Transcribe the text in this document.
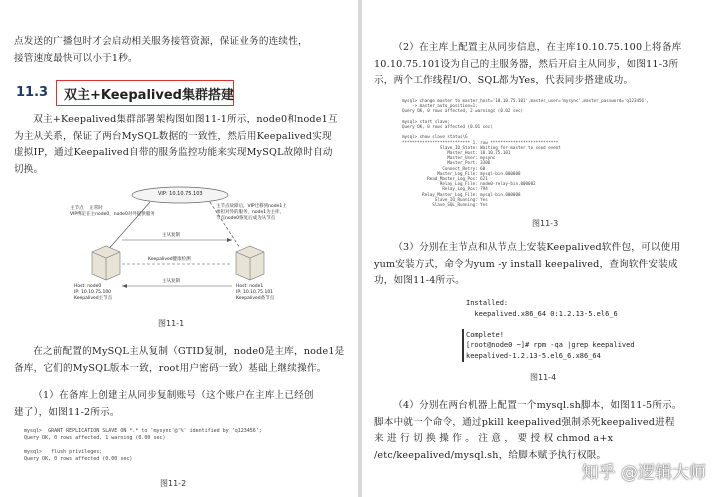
点发送的广播包时才会启动相关服务接管资源，保证业务的连续性，

接管速度最快可以小于1秒。

11.3 双主+Keepalived集群搭建

双主+Keepalived集群部署架构图如图11-1所示，node0和node1互

为主从关系，保证了两台MySQL数据的一致性，然后用Keepalived实现

虚拟IP，通过Keepalived自带的服务监控功能来实现MySQL故障时自动

切换。

VIP: 10.10.75.103
主节点    正常时
VIP绑定在主node0，node0对外提供服务
主节点故障后，VIP迁移到node1上
承担对外的服务，node1为主库，
节点node0恢复后成为从节点
主从复制
Keepalived健康检测
主从复制
Host: node0
IP: 10.10.75.100
Keepalived主节点
Host: node1
IP: 10.10.75.101
Keepalived备节点
图11-1

在之前配置的MySQL主从复制（GTID复制，node0是主库，node1是

备库，它们的MySQL版本一致，root用户密码一致）基础上继续操作。

（1）在备库上创建主从同步复制账号（这个账户在主库上已经创

建了），如图11-2所示。

mysql>  GRANT REPLICATION SLAVE ON *.* to 'mysync'@'%' identified by 'q123456';
Query OK, 0 rows affected, 1 warning (0.00 sec)

mysql>   flush privileges;
Query OK, 0 rows affected (0.00 sec)
图11-2

（2）在主库上配置主从同步信息，在主库10.10.75.100上将备库

10.10.75.101设为自己的主服务器，然后开启主从同步，如图11-3所

示，两个工作线程I/O、SQL都为Yes，代表同步搭建成功。

mysql> change master to master_host='10.10.75.101',master_user='mysync',master_password='q123456',
-> master_auto_position=1;
Query OK, 0 rows affected, 2 warnings (0.02 sec)

mysql> start slave;
Query OK, 0 rows affected (0.01 sec)

mysql> show slave status\G
*************************** 1. row ***************************
Slave_IO_State: Waiting for master to send event
Master_Host: 10.10.75.101
Master_User: mysync
Master_Port: 3306
Connect_Retry: 60
Master_Log_File: mysql-bin.000008
Read_Master_Log_Pos: 621
Relay_Log_File: node0-relay-bin.000002
Relay_Log_Pos: 794
Relay_Master_Log_File: mysql-bin.000008
Slave_IO_Running: Yes
Slave_SQL_Running: Yes
图11-3

（3）分别在主节点和从节点上安装Keepalived软件包，可以使用

yum安装方式，命令为yum -y install keepalived，查询软件安装成

功，如图11-4所示。

Installed:
keepalived.x86_64 0:1.2.13-5.el6_6

Complete!
[root@node0 ~]# rpm -qa |grep keepalived
keepalived-1.2.13-5.el6_6.x86_64
图11-4

（4）分别在两台机器上配置一个mysql.sh脚本，如图11-5所示。

脚本中就一个命令，通过pkill keepalived强制杀死keepalived进程

来 进 行 切 换 操 作 。 注 意 ， 要 授 权 chmod a+x

/etc/keepalived/mysql.sh，给脚本赋予执行权限。

知乎 @逻辑大师
